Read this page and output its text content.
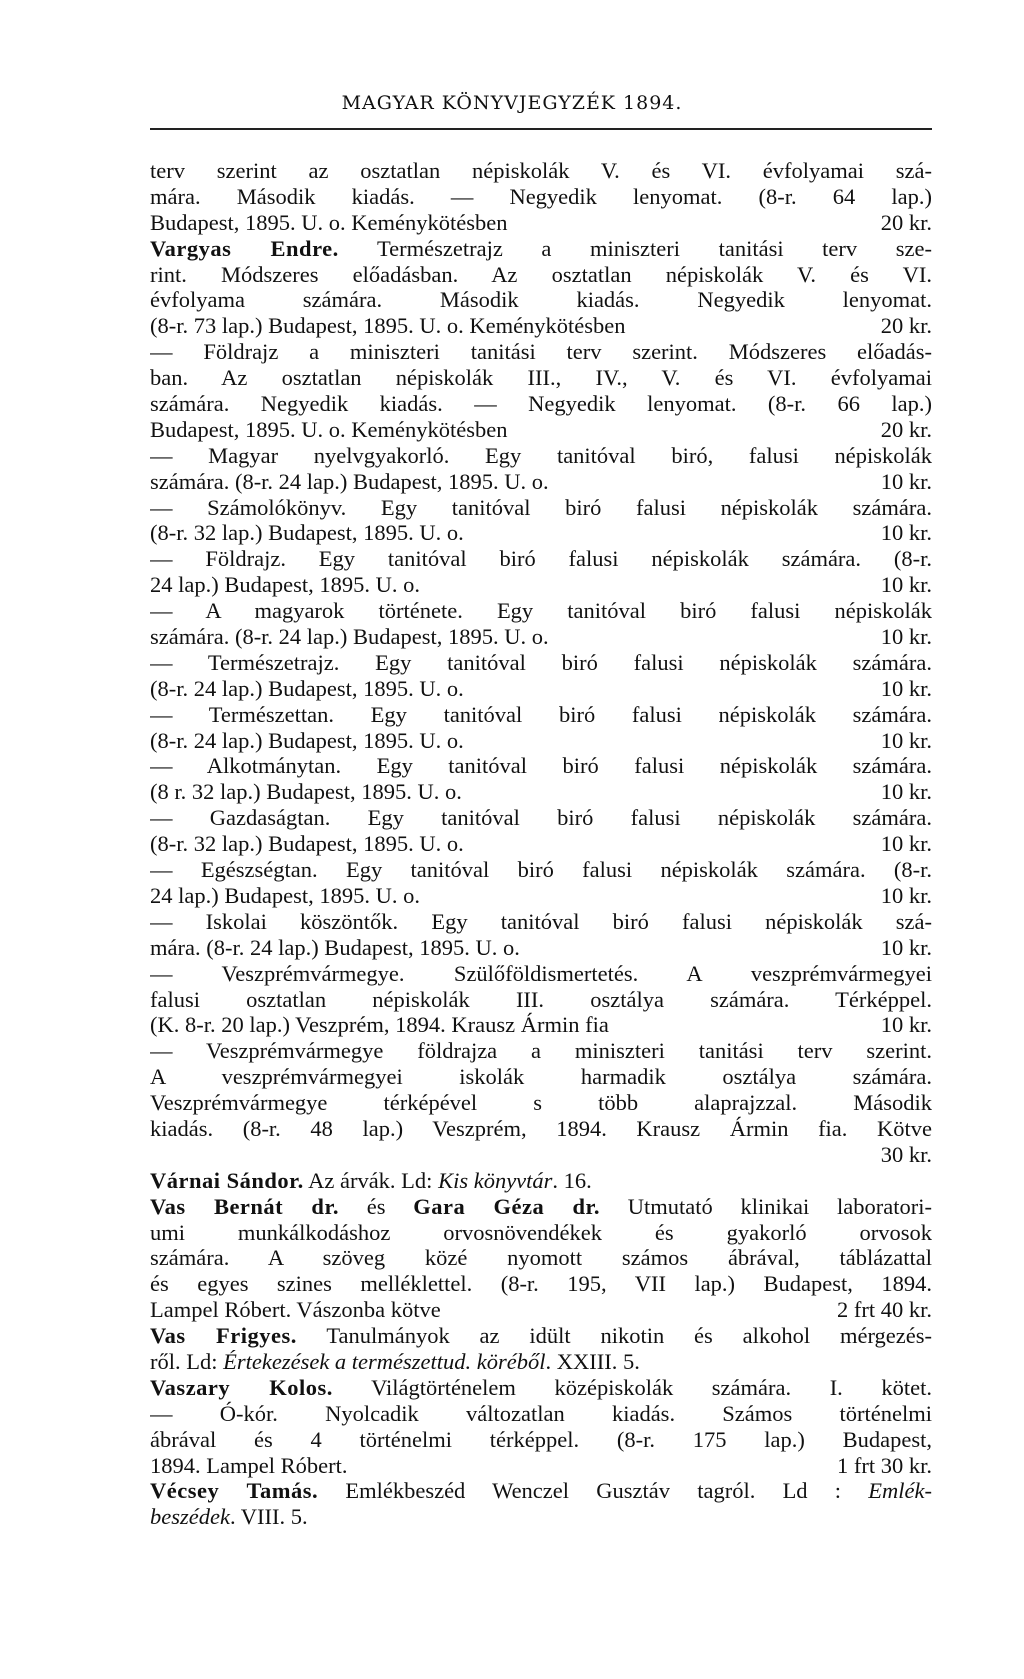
MAGYAR KÖNYVJEGYZÉK 1894.
terv szerint az osztatlan népiskolák V. és VI. évfolyamai szá-
mára. Második kiadás. — Negyedik lenyomat. (8-r. 64 lap.)
Budapest, 1895. U. o. Keménykötésben	20 kr.
Vargyas Endre. Természetrajz a miniszteri tanitási terv sze-
rint. Módszeres előadásban. Az osztatlan népiskolák V. és VI.
évfolyama számára. Második kiadás. Negyedik lenyomat.
(8-r. 73 lap.) Budapest, 1895. U. o. Keménykötésben	20 kr.
— Földrajz a miniszteri tanitási terv szerint. Módszeres előadás-
ban. Az osztatlan népiskolák III., IV., V. és VI. évfolyamai
számára. Negyedik kiadás. — Negyedik lenyomat. (8-r. 66 lap.)
Budapest, 1895. U. o. Keménykötésben	20 kr.
— Magyar nyelvgyakorló. Egy tanitóval biró, falusi népiskolák
számára. (8-r. 24 lap.) Budapest, 1895. U. o.	10 kr.
— Számolókönyv. Egy tanitóval biró falusi népiskolák számára.
(8-r. 32 lap.) Budapest, 1895. U. o.	10 kr.
— Földrajz. Egy tanitóval biró falusi népiskolák számára. (8-r.
24 lap.) Budapest, 1895. U. o.	10 kr.
— A magyarok története. Egy tanitóval biró falusi népiskolák
számára. (8-r. 24 lap.) Budapest, 1895. U. o.	10 kr.
— Természetrajz. Egy tanitóval biró falusi népiskolák számára.
(8-r. 24 lap.) Budapest, 1895. U. o.	10 kr.
— Természettan. Egy tanitóval biró falusi népiskolák számára.
(8-r. 24 lap.) Budapest, 1895. U. o.	10 kr.
— Alkotmánytan. Egy tanitóval biró falusi népiskolák számára.
(8 r. 32 lap.) Budapest, 1895. U. o.	10 kr.
— Gazdaságtan. Egy tanitóval biró falusi népiskolák számára.
(8-r. 32 lap.) Budapest, 1895. U. o.	10 kr.
— Egészségtan. Egy tanitóval biró falusi népiskolák számára. (8-r.
24 lap.) Budapest, 1895. U. o.	10 kr.
— Iskolai köszöntők. Egy tanitóval biró falusi népiskolák szá-
mára. (8-r. 24 lap.) Budapest, 1895. U. o.	10 kr.
— Veszprémvármegye. Szülőföldismertetés. A veszprémvármegyei
falusi osztatlan népiskolák III. osztálya számára. Térképpel.
(K. 8-r. 20 lap.) Veszprém, 1894. Krausz Ármin fia	10 kr.
— Veszprémvármegye földrajza a miniszteri tanitási terv szerint.
A veszprémvármegyei iskolák harmadik osztálya számára.
Veszprémvármegye térképével s több alaprajzzal. Második
kiadás. (8-r. 48 lap.) Veszprém, 1894. Krausz Ármin fia. Kötve
30 kr.
Várnai Sándor. Az árvák. Ld: Kis könyvtár. 16.
Vas Bernát dr. és Gara Géza dr. Utmutató klinikai laboratori-
umi munkálkodáshoz orvosnövendékek és gyakorló orvosok
számára. A szöveg közé nyomott számos ábrával, táblázattal
és egyes szines melléklettel. (8-r. 195, VII lap.) Budapest, 1894.
Lampel Róbert. Vászonba kötve	2 frt 40 kr.
Vas Frigyes. Tanulmányok az idült nikotin és alkohol mérgezés-
ről. Ld: Értekezések a természettud. köréből. XXIII. 5.
Vaszary Kolos. Világtörténelem középiskolák számára. I. kötet.
— Ó-kór. Nyolcadik változatlan kiadás. Számos történelmi
ábrával és 4 történelmi térképpel. (8-r. 175 lap.) Budapest,
1894. Lampel Róbert.	1 frt 30 kr.
Vécsey Tamás. Emlékbeszéd Wenczel Gusztáv tagról. Ld : Emlék-
beszédek. VIII. 5.
